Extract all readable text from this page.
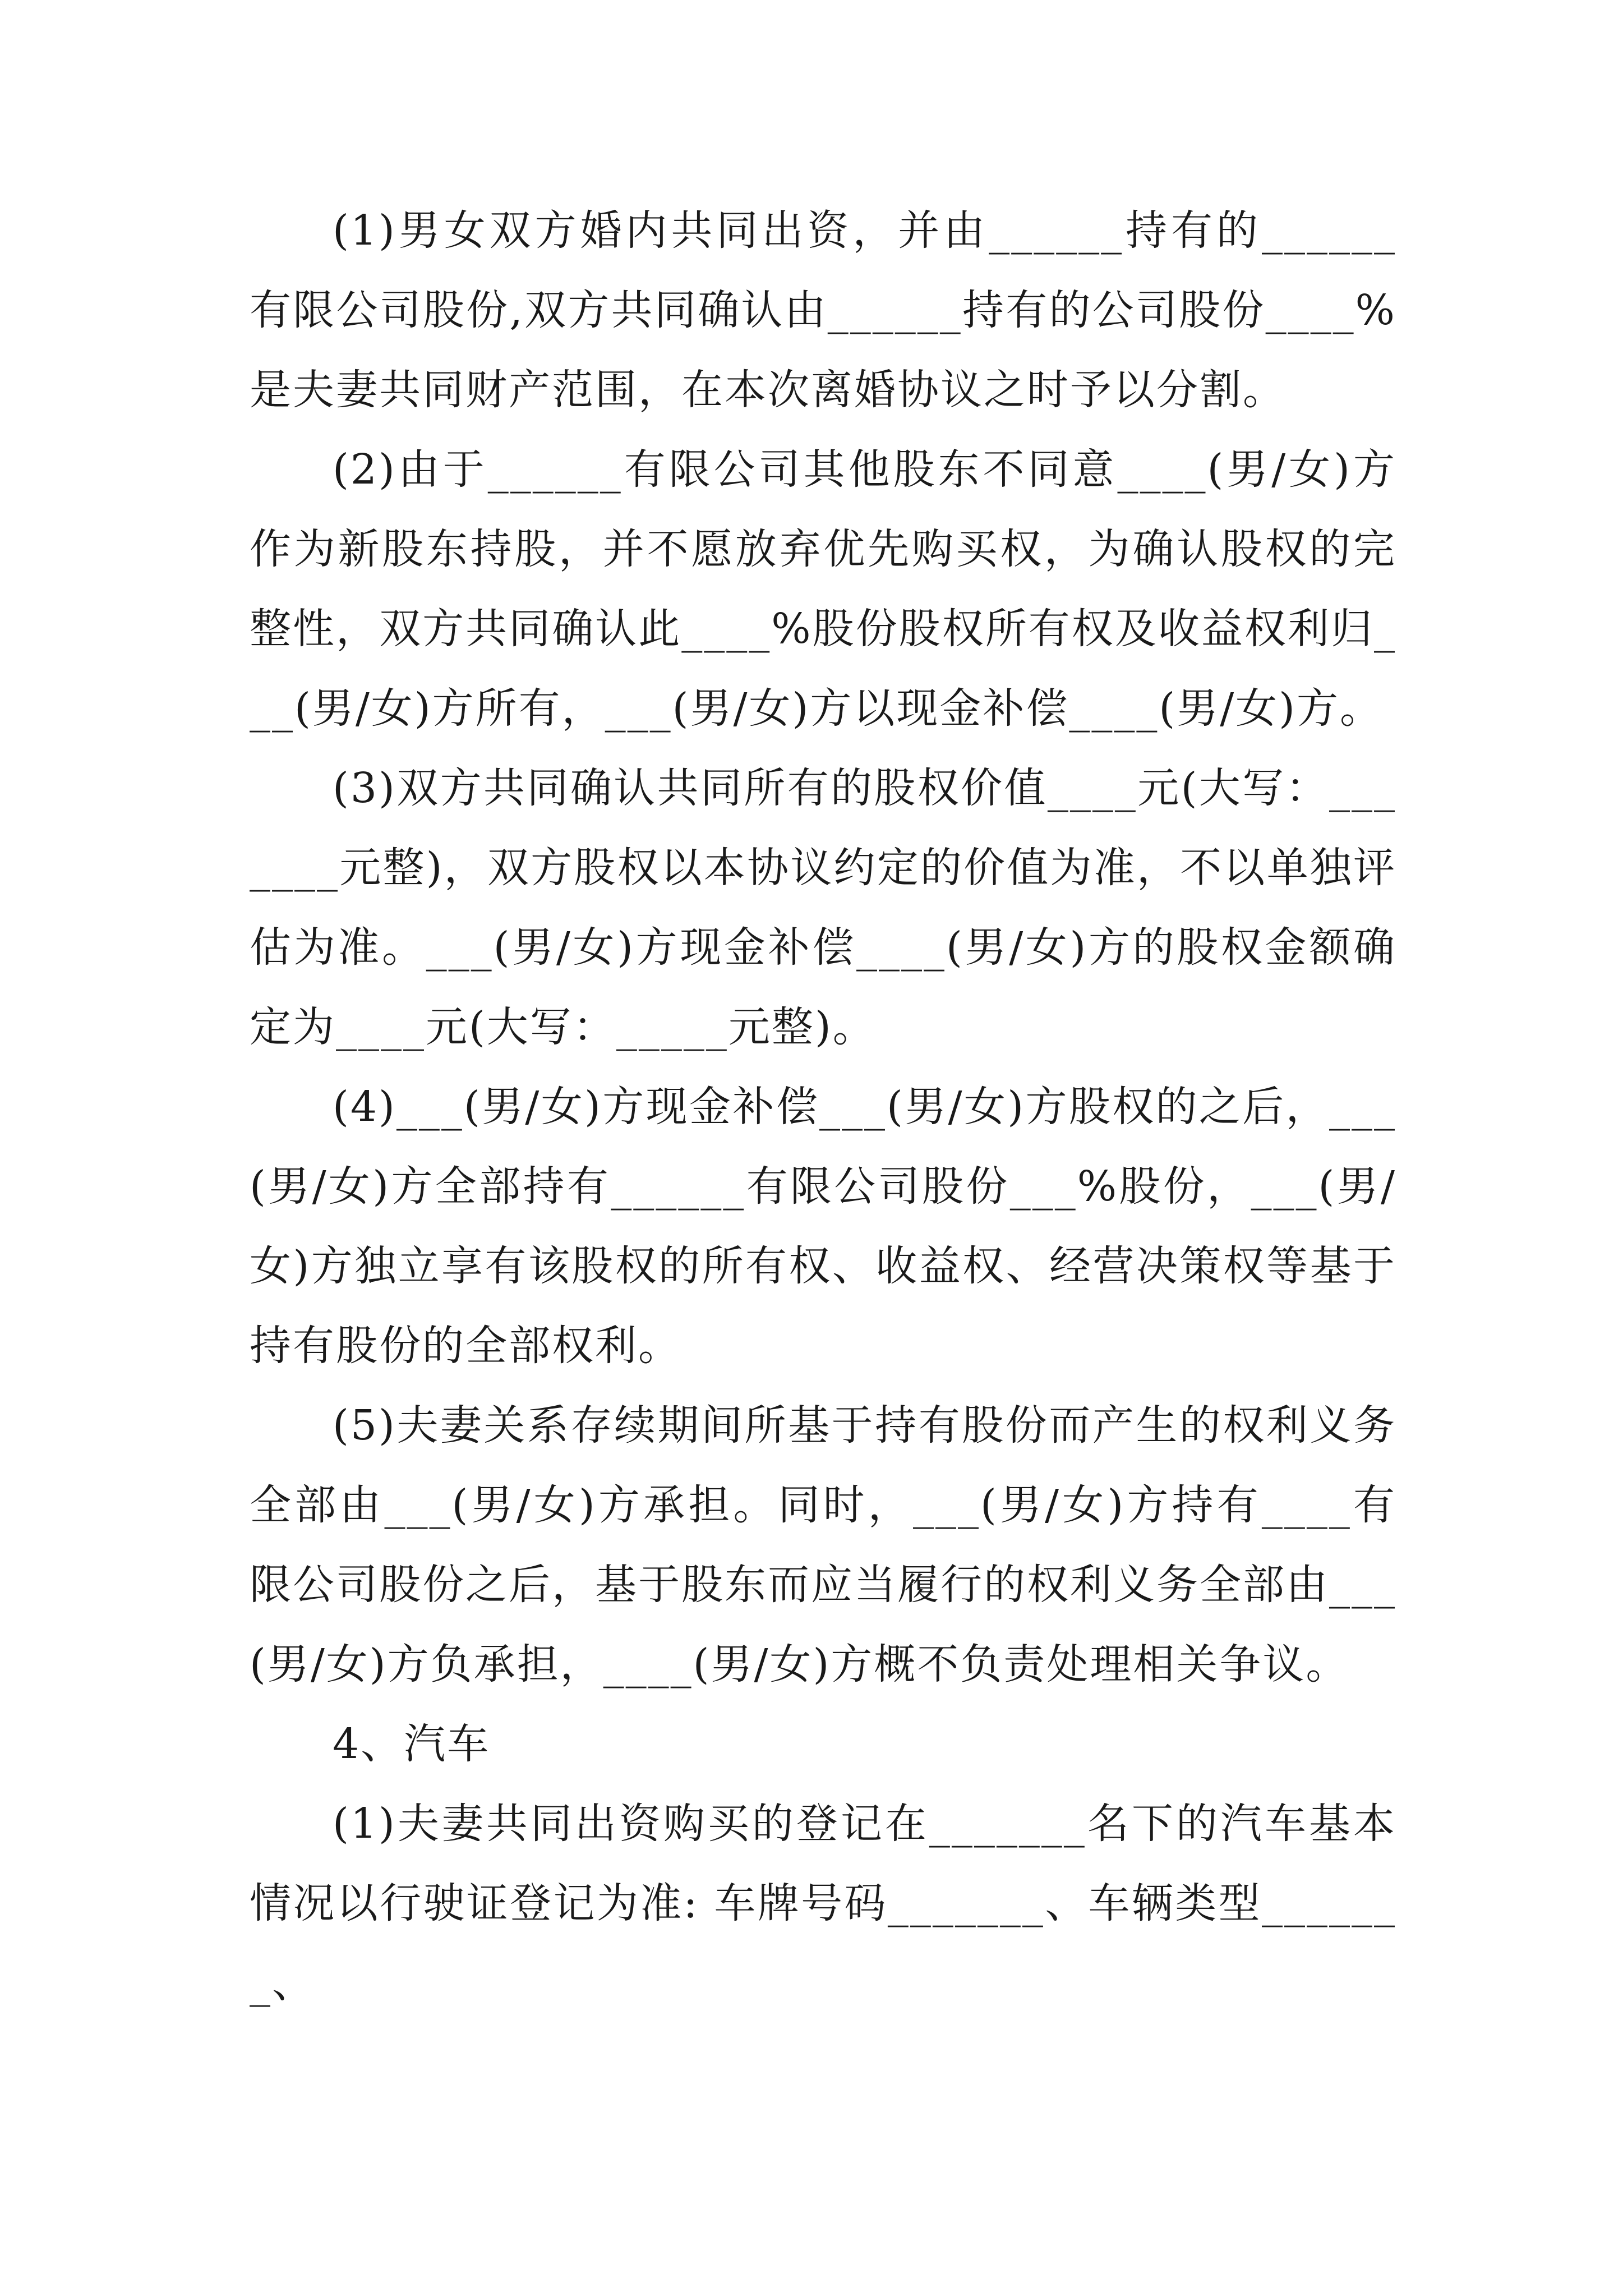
(1)男女双方婚内共同出资，并由______持有的______有限公司股份,双方共同确认由______持有的公司股份____%是夫妻共同财产范围，在本次离婚协议之时予以分割。

(2)由于______有限公司其他股东不同意____(男/女)方作为新股东持股，并不愿放弃优先购买权，为确认股权的完整性，双方共同确认此____%股份股权所有权及收益权利归___(男/女)方所有，___(男/女)方以现金补偿____(男/女)方。

(3)双方共同确认共同所有的股权价值____元(大写：_______元整)，双方股权以本协议约定的价值为准，不以单独评估为准。___(男/女)方现金补偿____(男/女)方的股权金额确定为____元(大写：_____元整)。

(4)___(男/女)方现金补偿___(男/女)方股权的之后，___(男/女)方全部持有______有限公司股份___%股份，___(男/女)方独立享有该股权的所有权、收益权、经营决策权等基于持有股份的全部权利。

(5)夫妻关系存续期间所基于持有股份而产生的权利义务全部由___(男/女)方承担。同时，___(男/女)方持有____有限公司股份之后，基于股东而应当履行的权利义务全部由___(男/女)方负承担，____(男/女)方概不负责处理相关争议。

4、汽车

(1)夫妻共同出资购买的登记在_______名下的汽车基本情况以行驶证登记为准: 车牌号码_______、车辆类型_______、
